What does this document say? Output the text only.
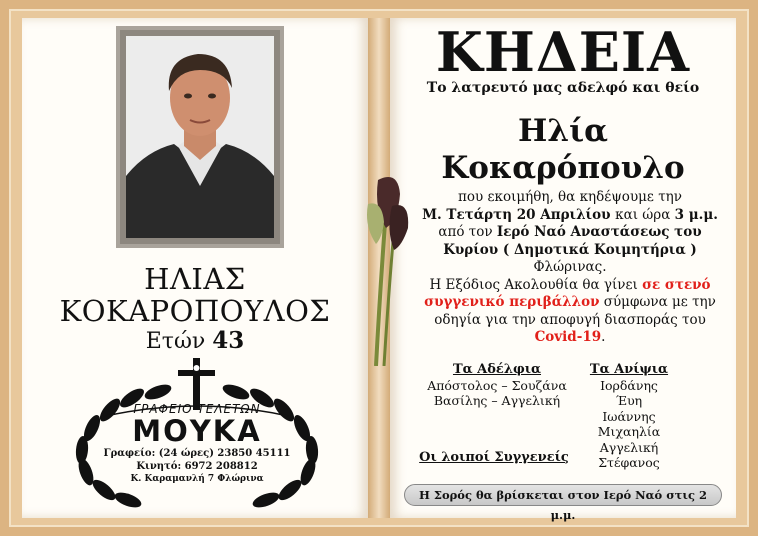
ΗΛΙΑΣ
ΚΟΚΑΡΟΠΟΥΛΟΣ
Ετών 43
ΓΡΑΦΕΙΟ ΤΕΛΕΤΩΝ
ΜΟΥΚΑ
Γραφείο: (24 ώρες) 23850 45111
Κινητό: 6972 208812
Κ. Καραμανλή 7 Φλώρινα
ΚΗΔΕΙΑ
Το λατρευτό μας αδελφό και θείο
Ηλία
Κοκαρόπουλο
που εκοιμήθη, θα κηδέψουμε την
Μ. Τετάρτη 20 Απριλίου και ώρα 3 μ.μ.
από τον Ιερό Ναό Αναστάσεως του
Κυρίου ( Δημοτικά Κοιμητήρια )
Φλώρινας.
Η Εξόδιος Ακολουθία θα γίνει σε στενό
συγγενικό περιβάλλον σύμφωνα με την
οδηγία για την αποφυγή διασποράς του
Covid-19.
Τα Αδέλφια
Απόστολος – Σουζάνα
Βασίλης – Αγγελική
Τα Ανίψια
Ιορδάνης
Έυη
Ιωάννης
Μιχαηλία
Αγγελική
Στέφανος
Οι λοιποί Συγγενείς
Η Σορός θα βρίσκεται στον Ιερό Ναό στις 2 μ.μ.
